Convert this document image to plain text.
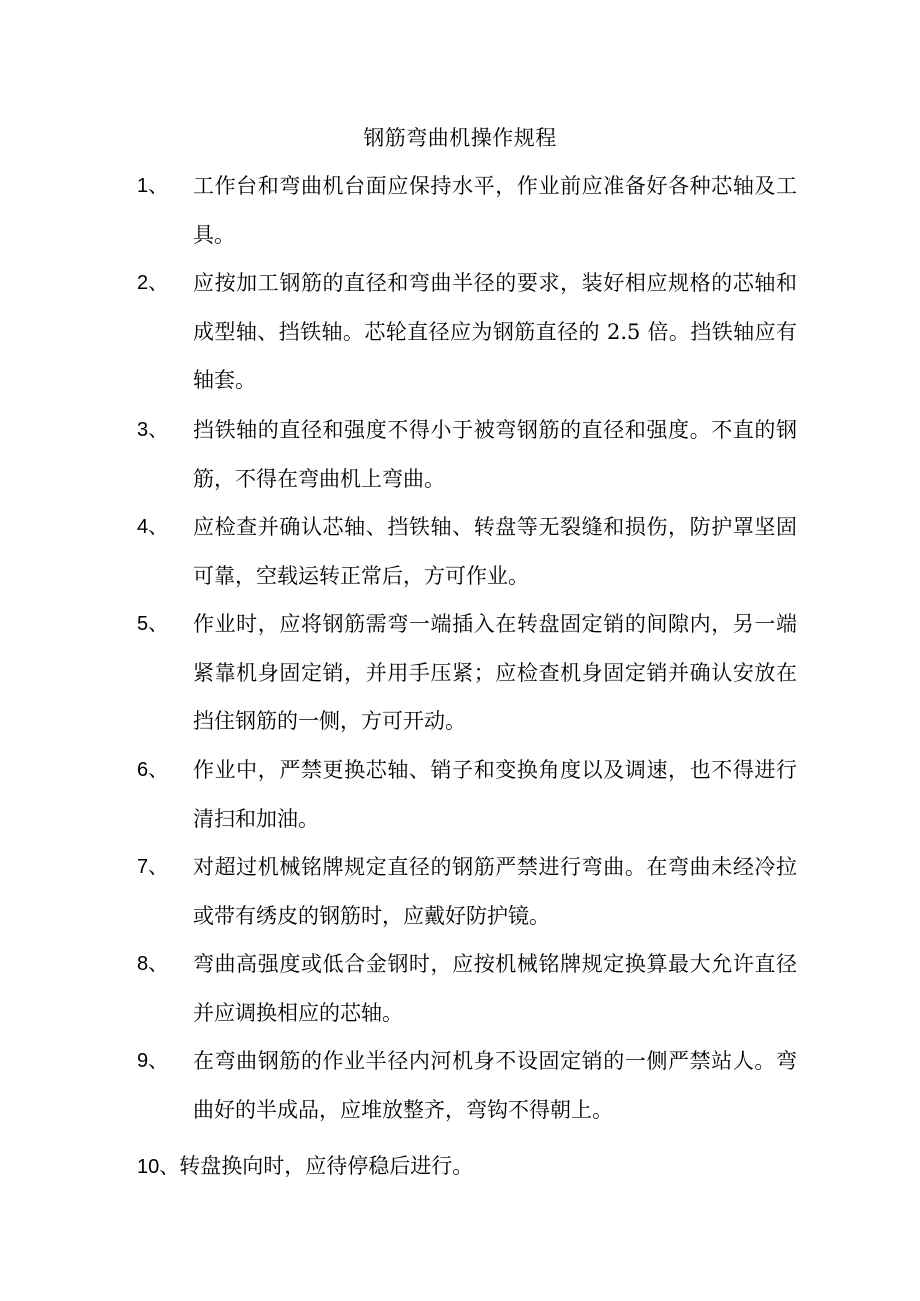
钢筋弯曲机操作规程
1、 工作台和弯曲机台面应保持水平，作业前应准备好各种芯轴及工具。
2、 应按加工钢筋的直径和弯曲半径的要求，装好相应规格的芯轴和成型轴、挡铁轴。芯轮直径应为钢筋直径的 2.5 倍。挡铁轴应有轴套。
3、 挡铁轴的直径和强度不得小于被弯钢筋的直径和强度。不直的钢筋，不得在弯曲机上弯曲。
4、 应检查并确认芯轴、挡铁轴、转盘等无裂缝和损伤，防护罩坚固可靠，空载运转正常后，方可作业。
5、 作业时，应将钢筋需弯一端插入在转盘固定销的间隙内，另一端紧靠机身固定销，并用手压紧；应检查机身固定销并确认安放在挡住钢筋的一侧，方可开动。
6、 作业中，严禁更换芯轴、销子和变换角度以及调速，也不得进行清扫和加油。
7、 对超过机械铭牌规定直径的钢筋严禁进行弯曲。在弯曲未经冷拉或带有绣皮的钢筋时，应戴好防护镜。
8、 弯曲高强度或低合金钢时，应按机械铭牌规定换算最大允许直径并应调换相应的芯轴。
9、 在弯曲钢筋的作业半径内河机身不设固定销的一侧严禁站人。弯曲好的半成品，应堆放整齐，弯钩不得朝上。
10、转盘换向时，应待停稳后进行。
